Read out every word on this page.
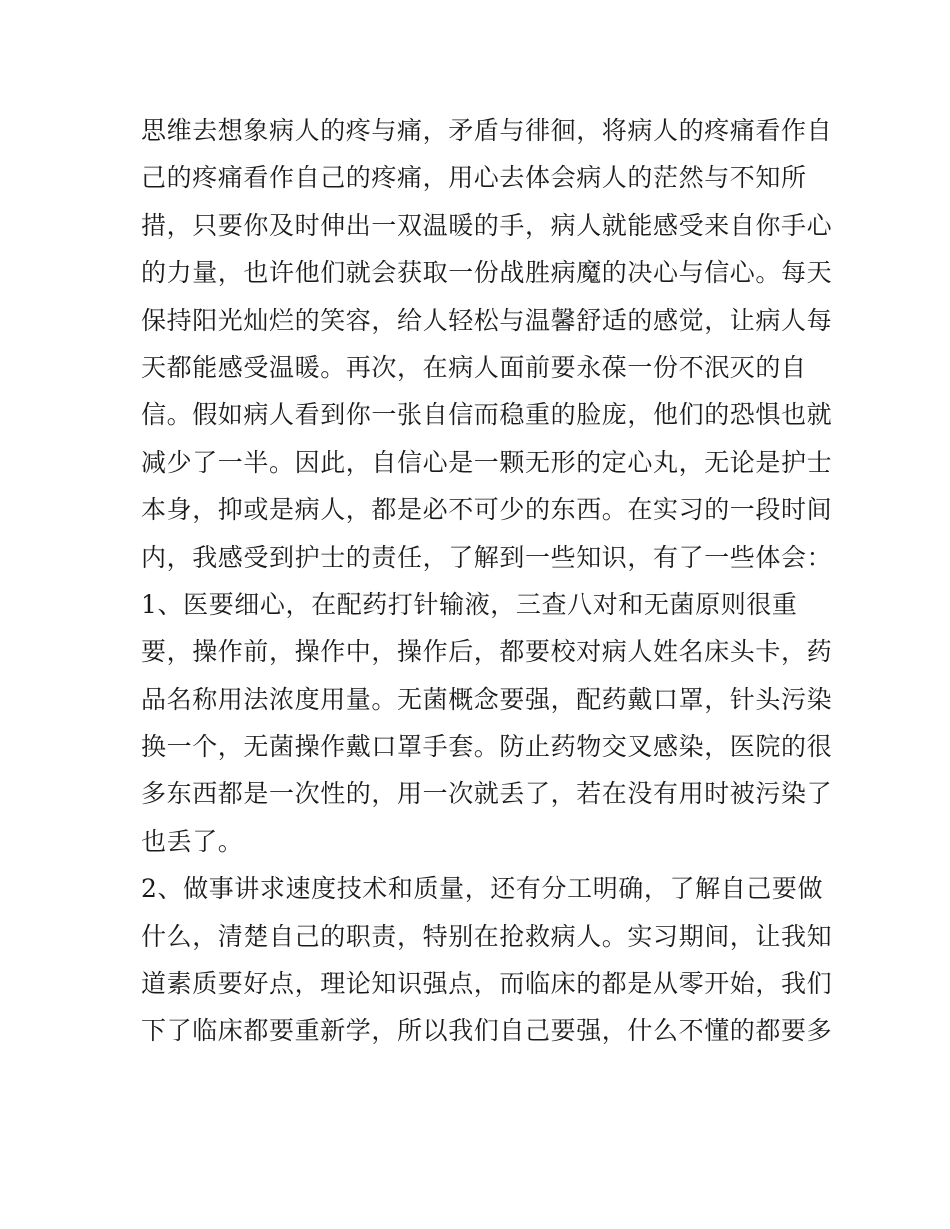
思维去想象病人的疼与痛，矛盾与徘徊，将病人的疼痛看作自
己的疼痛看作自己的疼痛，用心去体会病人的茫然与不知所
措，只要你及时伸出一双温暖的手，病人就能感受来自你手心
的力量，也许他们就会获取一份战胜病魔的决心与信心。每天
保持阳光灿烂的笑容，给人轻松与温馨舒适的感觉，让病人每
天都能感受温暖。再次，在病人面前要永葆一份不泯灭的自
信。假如病人看到你一张自信而稳重的脸庞，他们的恐惧也就
减少了一半。因此，自信心是一颗无形的定心丸，无论是护士
本身，抑或是病人，都是必不可少的东西。在实习的一段时间
内，我感受到护士的责任，了解到一些知识，有了一些体会：
1、医要细心，在配药打针输液，三查八对和无菌原则很重
要，操作前，操作中，操作后，都要校对病人姓名床头卡，药
品名称用法浓度用量。无菌概念要强，配药戴口罩，针头污染
换一个，无菌操作戴口罩手套。防止药物交叉感染，医院的很
多东西都是一次性的，用一次就丢了，若在没有用时被污染了
也丢了。
2、做事讲求速度技术和质量，还有分工明确，了解自己要做
什么，清楚自己的职责，特别在抢救病人。实习期间，让我知
道素质要好点，理论知识强点，而临床的都是从零开始，我们
下了临床都要重新学，所以我们自己要强，什么不懂的都要多
